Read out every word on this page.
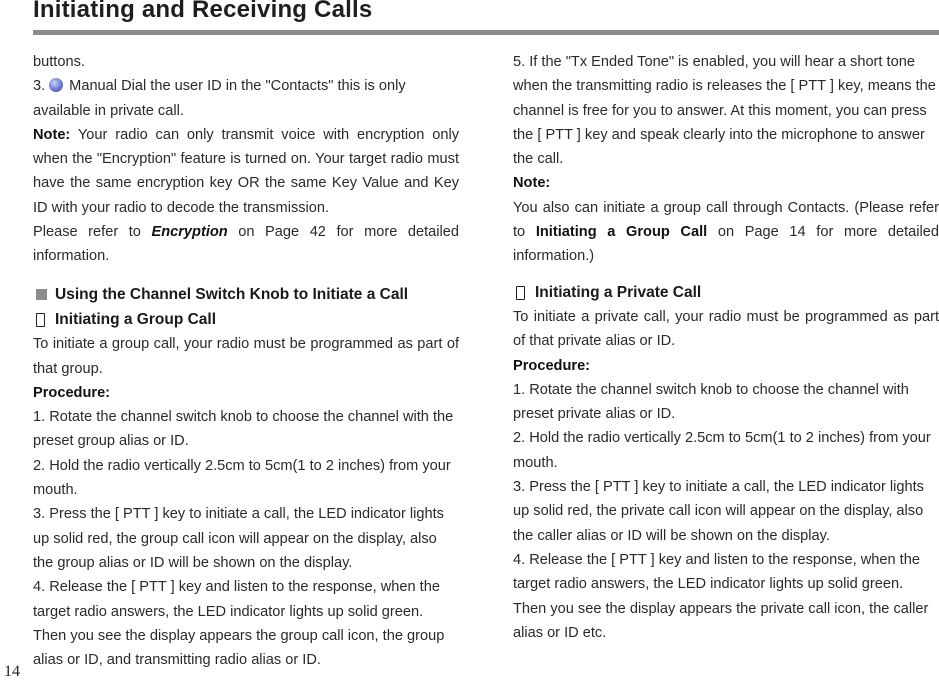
Initiating and Receiving Calls

buttons.

3. Manual Dial the user ID in the "Contacts" this is only available in private call.

Note: Your radio can only transmit voice with encryption only when the "Encryption" feature is turned on. Your target radio must have the same encryption key OR the same Key Value and Key ID with your radio to decode the transmission.

Please refer to Encryption on Page 42 for more detailed information.

Using the Channel Switch Knob to Initiate a Call
Initiating a Group Call

To initiate a group call, your radio must be programmed as part of that group.

Procedure:

1. Rotate the channel switch knob to choose the channel with the preset group alias or ID.

2. Hold the radio vertically 2.5cm to 5cm(1 to 2 inches) from your mouth.

3. Press the [ PTT ] key to initiate a call, the LED indicator lights up solid red, the group call icon will appear on the display, also the group alias or ID will be shown on the display.

4. Release the [ PTT ] key and listen to the response, when the target radio answers, the LED indicator lights up solid green. Then you see the display appears the group call icon, the group alias or ID, and transmitting radio alias or ID.

5. If the "Tx Ended Tone" is enabled, you will hear a short tone when the transmitting radio is releases the [ PTT ] key, means the channel is free for you to answer. At this moment, you can press the [ PTT ] key and speak clearly into the microphone to answer the call.

Note:

You also can initiate a group call through Contacts. (Please refer to Initiating a Group Call on Page 14 for more detailed information.)

Initiating a Private Call

To initiate a private call, your radio must be programmed as part of that private alias or ID.

Procedure:

1. Rotate the channel switch knob to choose the channel with preset private alias or ID.

2. Hold the radio vertically 2.5cm to 5cm(1 to 2 inches) from your mouth.

3. Press the [ PTT ] key to initiate a call, the LED indicator lights up solid red, the private call icon will appear on the display, also the caller alias or ID will be shown on the display.

4. Release the [ PTT ] key and listen to the response, when the target radio answers, the LED indicator lights up solid green. Then you see the display appears the private call icon, the caller alias or ID etc.

14
